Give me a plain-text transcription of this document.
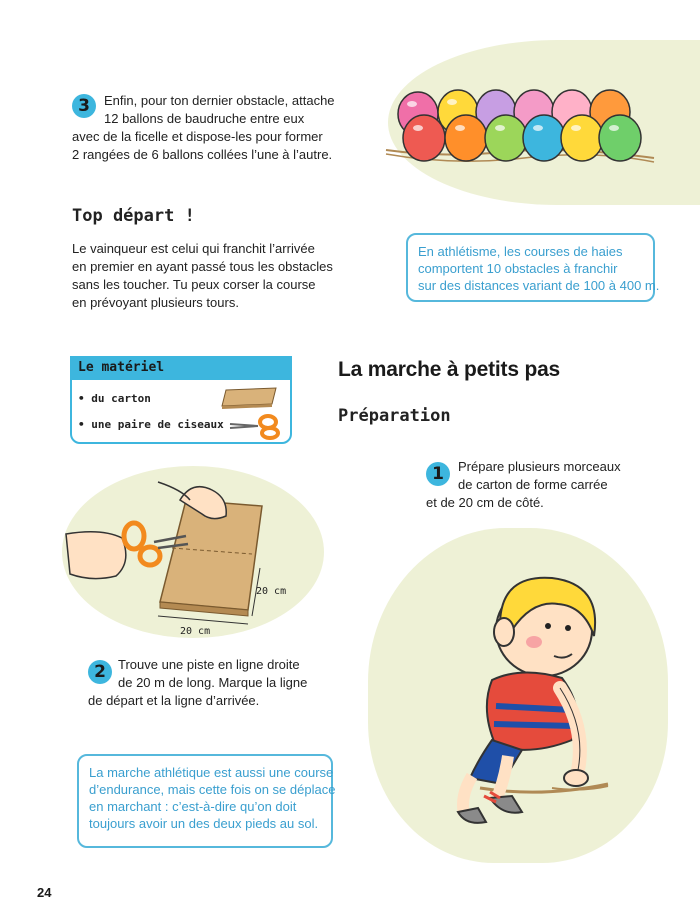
3	Enfin, pour ton dernier obstacle, attache
12 ballons de baudruche entre eux
avec de la ficelle et dispose-les pour former
2 rangées de 6 ballons collées l’une à l’autre.
Top départ !
Le vainqueur est celui qui franchit l’arrivée
en premier en ayant passé tous les obstacles
sans les toucher. Tu peux corser la course
en prévoyant plusieurs tours.
En athlétisme, les courses de haies
comportent 10 obstacles à franchir
sur des distances variant de 100 à 400 m.
Le matériel
• du carton
• une paire de ciseaux
La marche à petits pas
Préparation
1	Prépare plusieurs morceaux
de carton de forme carrée
et de 20 cm de côté.
20 cm
20 cm
2 Trouve une piste en ligne droite
de 20 m de long. Marque la ligne
de départ et la ligne d’arrivée.
La marche athlétique est aussi une course
d’endurance, mais cette fois on se déplace
en marchant : c’est-à-dire qu’on doit
toujours avoir un des deux pieds au sol.
24
